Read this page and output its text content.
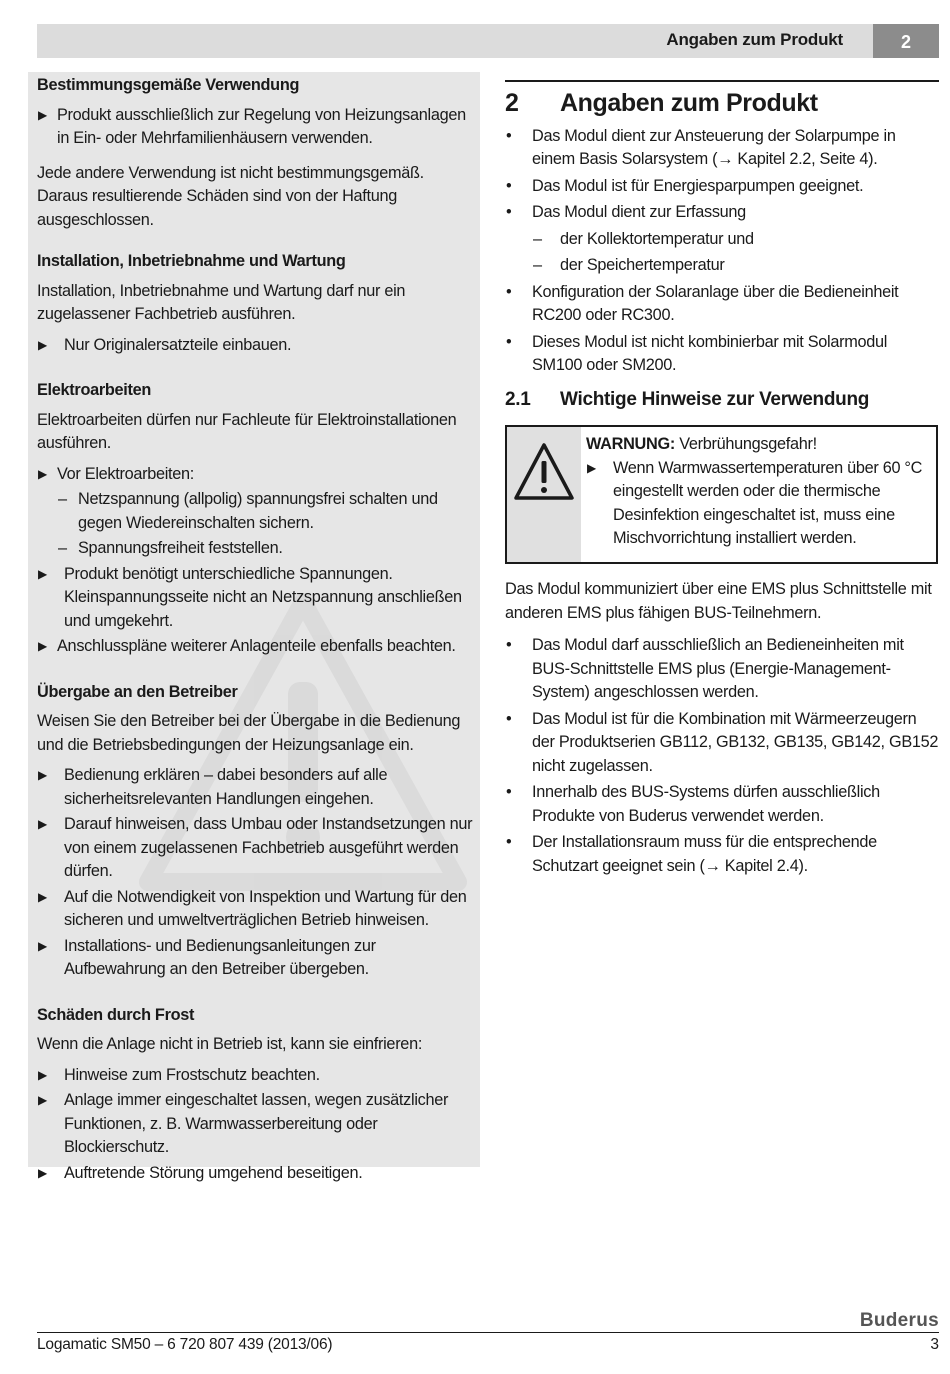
Angaben zum Produkt	2
Bestimmungsgemäße Verwendung
▶ Produkt ausschließlich zur Regelung von Heizungsanlagen in Ein- oder Mehrfamilienhäusern verwenden.
Jede andere Verwendung ist nicht bestimmungsgemäß. Daraus resultierende Schäden sind von der Haftung ausgeschlossen.
Installation, Inbetriebnahme und Wartung
Installation, Inbetriebnahme und Wartung darf nur ein zugelassener Fachbetrieb ausführen.
▶ Nur Originalersatzteile einbauen.
Elektroarbeiten
Elektroarbeiten dürfen nur Fachleute für Elektroinstallationen ausführen.
▶ Vor Elektroarbeiten:
– Netzspannung (allpolig) spannungsfrei schalten und gegen Wiedereinschalten sichern.
– Spannungsfreiheit feststellen.
▶ Produkt benötigt unterschiedliche Spannungen. Kleinspannungsseite nicht an Netzspannung anschließen und umgekehrt.
▶ Anschlusspläne weiterer Anlagenteile ebenfalls beachten.
Übergabe an den Betreiber
Weisen Sie den Betreiber bei der Übergabe in die Bedienung und die Betriebsbedingungen der Heizungsanlage ein.
▶ Bedienung erklären – dabei besonders auf alle sicherheitsrelevanten Handlungen eingehen.
▶ Darauf hinweisen, dass Umbau oder Instandsetzungen nur von einem zugelassenen Fachbetrieb ausgeführt werden dürfen.
▶ Auf die Notwendigkeit von Inspektion und Wartung für den sicheren und umweltverträglichen Betrieb hinweisen.
▶ Installations- und Bedienungsanleitungen zur Aufbewahrung an den Betreiber übergeben.
Schäden durch Frost
Wenn die Anlage nicht in Betrieb ist, kann sie einfrieren:
▶ Hinweise zum Frostschutz beachten.
▶ Anlage immer eingeschaltet lassen, wegen zusätzlicher Funktionen, z. B. Warmwasserbereitung oder Blockierschutz.
▶ Auftretende Störung umgehend beseitigen.
2 Angaben zum Produkt
• Das Modul dient zur Ansteuerung der Solarpumpe in einem Basis Solarsystem (→ Kapitel 2.2, Seite 4).
• Das Modul ist für Energiesparpumpen geeignet.
• Das Modul dient zur Erfassung
– der Kollektortemperatur und
– der Speichertemperatur
• Konfiguration der Solaranlage über die Bedieneinheit RC200 oder RC300.
• Dieses Modul ist nicht kombinierbar mit Solarmodul SM100 oder SM200.
2.1 Wichtige Hinweise zur Verwendung
WARNUNG: Verbrühungsgefahr!
▶ Wenn Warmwassertemperaturen über 60 °C eingestellt werden oder die thermische Desinfektion eingeschaltet ist, muss eine Mischvorrichtung installiert werden.
Das Modul kommuniziert über eine EMS plus Schnittstelle mit anderen EMS plus fähigen BUS-Teilnehmern.
• Das Modul darf ausschließlich an Bedieneinheiten mit BUS-Schnittstelle EMS plus (Energie-Management-System) angeschlossen werden.
• Das Modul ist für die Kombination mit Wärmeerzeugern der Produktserien GB112, GB132, GB135, GB142, GB152 nicht zugelassen.
• Innerhalb des BUS-Systems dürfen ausschließlich Produkte von Buderus verwendet werden.
• Der Installationsraum muss für die entsprechende Schutzart geeignet sein (→ Kapitel 2.4).
Buderus
Logamatic SM50 – 6 720 807 439 (2013/06)	3
